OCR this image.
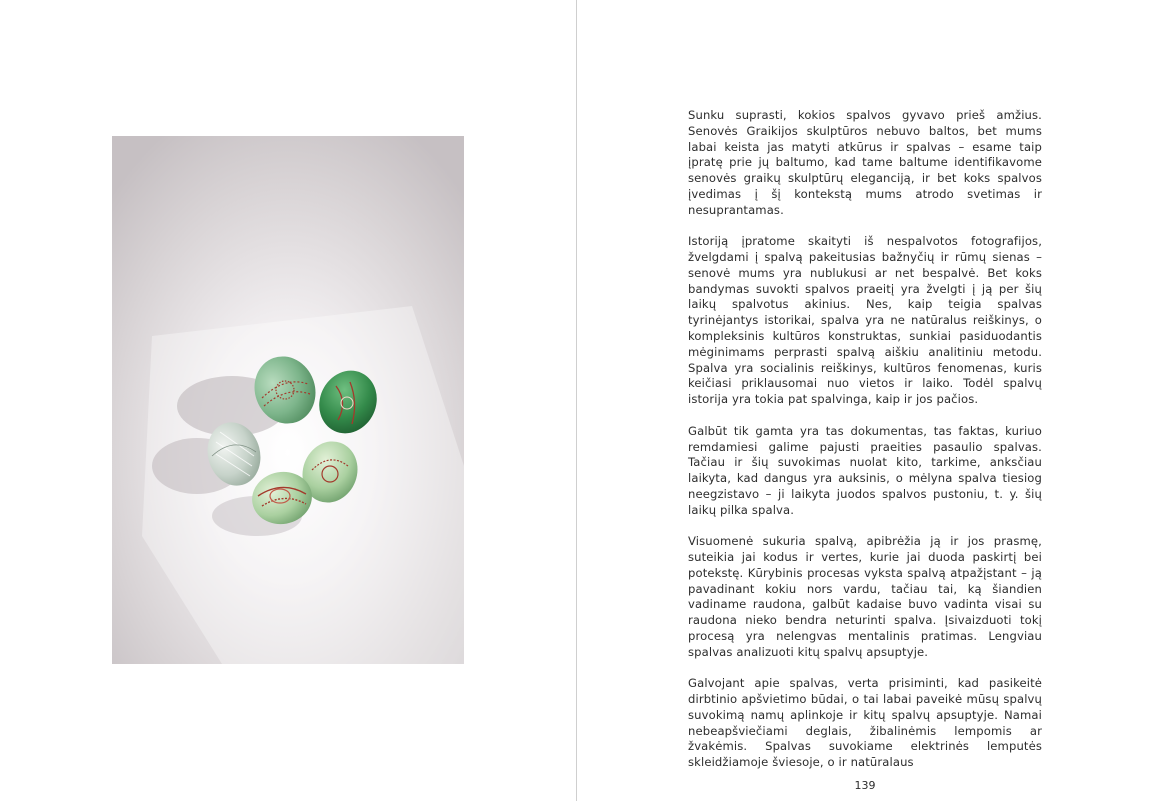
Sunku suprasti, kokios spalvos gyvavo prieš amžius. Senovės Graikijos skulptūros nebuvo baltos, bet mums labai keista jas matyti atkūrus ir spalvas – esame taip įpratę prie jų baltumo, kad tame baltume identifikavome senovės graikų skulptūrų eleganciją, ir bet koks spalvos įvedimas į šį kontekstą mums atrodo svetimas ir nesuprantamas.

Istoriją įpratome skaityti iš nespalvotos fotografijos, žvelgdami į spalvą pakeitusias bažnyčių ir rūmų sienas – senovė mums yra nublukusi ar net bespalvė. Bet koks bandymas suvokti spalvos praeitį yra žvelgti į ją per šių laikų spalvotus akinius. Nes, kaip teigia spalvas tyrinėjantys istorikai, spalva yra ne natūralus reiškinys, o kompleksinis kultūros konstruktas, sunkiai pasiduodantis mėginimams perprasti spalvą aiškiu analitiniu metodu. Spalva yra socialinis reiškinys, kultūros fenomenas, kuris keičiasi priklausomai nuo vietos ir laiko. Todėl spalvų istorija yra tokia pat spalvinga, kaip ir jos pačios.

Galbūt tik gamta yra tas dokumentas, tas faktas, kuriuo remdamiesi galime pajusti praeities pasaulio spalvas. Tačiau ir šių suvokimas nuolat kito, tarkime, anksčiau laikyta, kad dangus yra auksinis, o mėlyna spalva tiesiog neegzistavo – ji laikyta juodos spalvos pustoniu, t. y. šių laikų pilka spalva.

Visuomenė sukuria spalvą, apibrėžia ją ir jos prasmę, suteikia jai kodus ir vertes, kurie jai duoda paskirtį bei potekstę. Kūrybinis procesas vyksta spalvą atpažįstant – ją pavadinant kokiu nors vardu, tačiau tai, ką šiandien vadiname raudona, galbūt kadaise buvo vadinta visai su raudona nieko bendra neturinti spalva. Įsivaizduoti tokį procesą yra nelengvas mentalinis pratimas. Lengviau spalvas analizuoti kitų spalvų apsuptyje.

Galvojant apie spalvas, verta prisiminti, kad pasikeitė dirbtinio apšvietimo būdai, o tai labai paveikė mūsų spalvų suvokimą namų aplinkoje ir kitų spalvų apsuptyje. Namai nebeapšviečiami deglais, žibalinėmis lempomis ar žvakėmis. Spalvas suvokiame elektrinės lemputės skleidžiamoje šviesoje, o ir natūralaus

139
